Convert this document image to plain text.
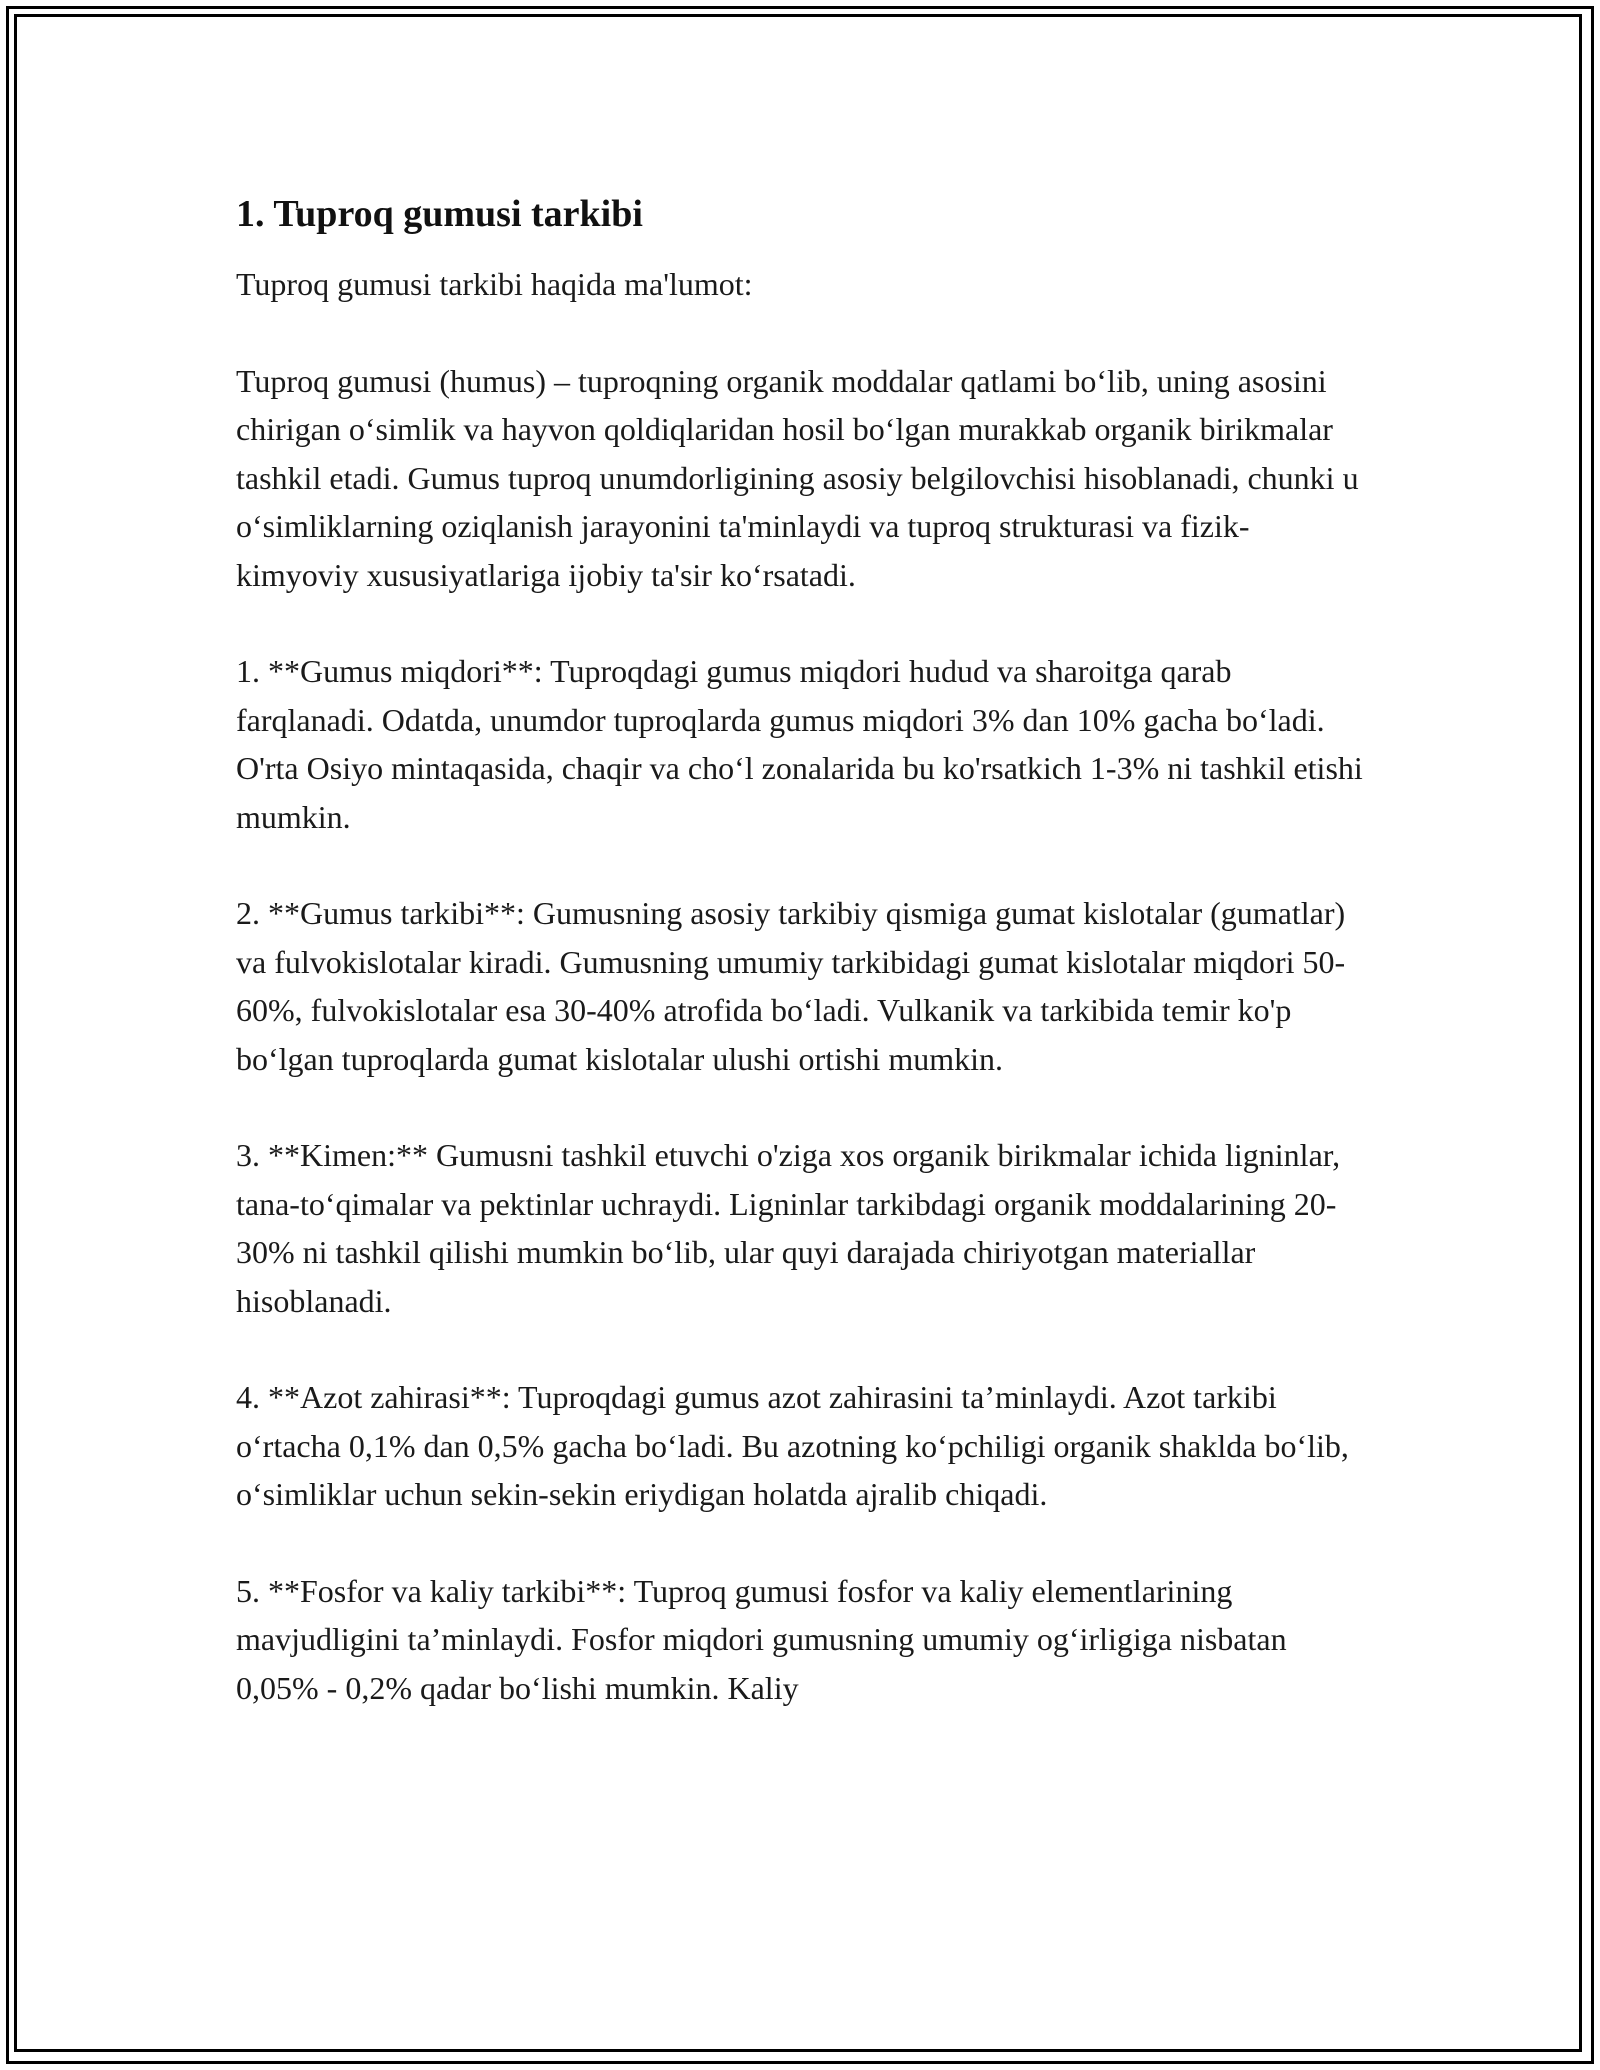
1. Tuproq gumusi tarkibi

Tuproq gumusi tarkibi haqida ma'lumot:

Tuproq gumusi (humus) – tuproqning organik moddalar qatlami bo‘lib, uning asosini chirigan o‘simlik va hayvon qoldiqlaridan hosil bo‘lgan murakkab organik birikmalar tashkil etadi. Gumus tuproq unumdorligining asosiy belgilovchisi hisoblanadi, chunki u o‘simliklarning oziqlanish jarayonini ta'minlaydi va tuproq strukturasi va fizik-kimyoviy xususiyatlariga ijobiy ta'sir ko‘rsatadi.

1. **Gumus miqdori**: Tuproqdagi gumus miqdori hudud va sharoitga qarab farqlanadi. Odatda, unumdor tuproqlarda gumus miqdori 3% dan 10% gacha bo‘ladi. O'rta Osiyo mintaqasida, chaqir va cho‘l zonalarida bu ko'rsatkich 1-3% ni tashkil etishi mumkin.

2. **Gumus tarkibi**: Gumusning asosiy tarkibiy qismiga gumat kislotalar (gumatlar) va fulvokislotalar kiradi. Gumusning umumiy tarkibidagi gumat kislotalar miqdori 50-60%, fulvokislotalar esa 30-40% atrofida bo‘ladi. Vulkanik va tarkibida temir ko'p bo‘lgan tuproqlarda gumat kislotalar ulushi ortishi mumkin.

3. **Kimen:** Gumusni tashkil etuvchi o'ziga xos organik birikmalar ichida ligninlar, tana-to‘qimalar va pektinlar uchraydi. Ligninlar tarkibdagi organik moddalarining 20-30% ni tashkil qilishi mumkin bo‘lib, ular quyi darajada chiriyotgan materiallar hisoblanadi.

4. **Azot zahirasi**: Tuproqdagi gumus azot zahirasini ta’minlaydi. Azot tarkibi o‘rtacha 0,1% dan 0,5% gacha bo‘ladi. Bu azotning ko‘pchiligi organik shaklda bo‘lib, o‘simliklar uchun sekin-sekin eriydigan holatda ajralib chiqadi.

5. **Fosfor va kaliy tarkibi**: Tuproq gumusi fosfor va kaliy elementlarining mavjudligini ta’minlaydi. Fosfor miqdori gumusning umumiy og‘irligiga nisbatan 0,05% - 0,2% qadar bo‘lishi mumkin. Kaliy
